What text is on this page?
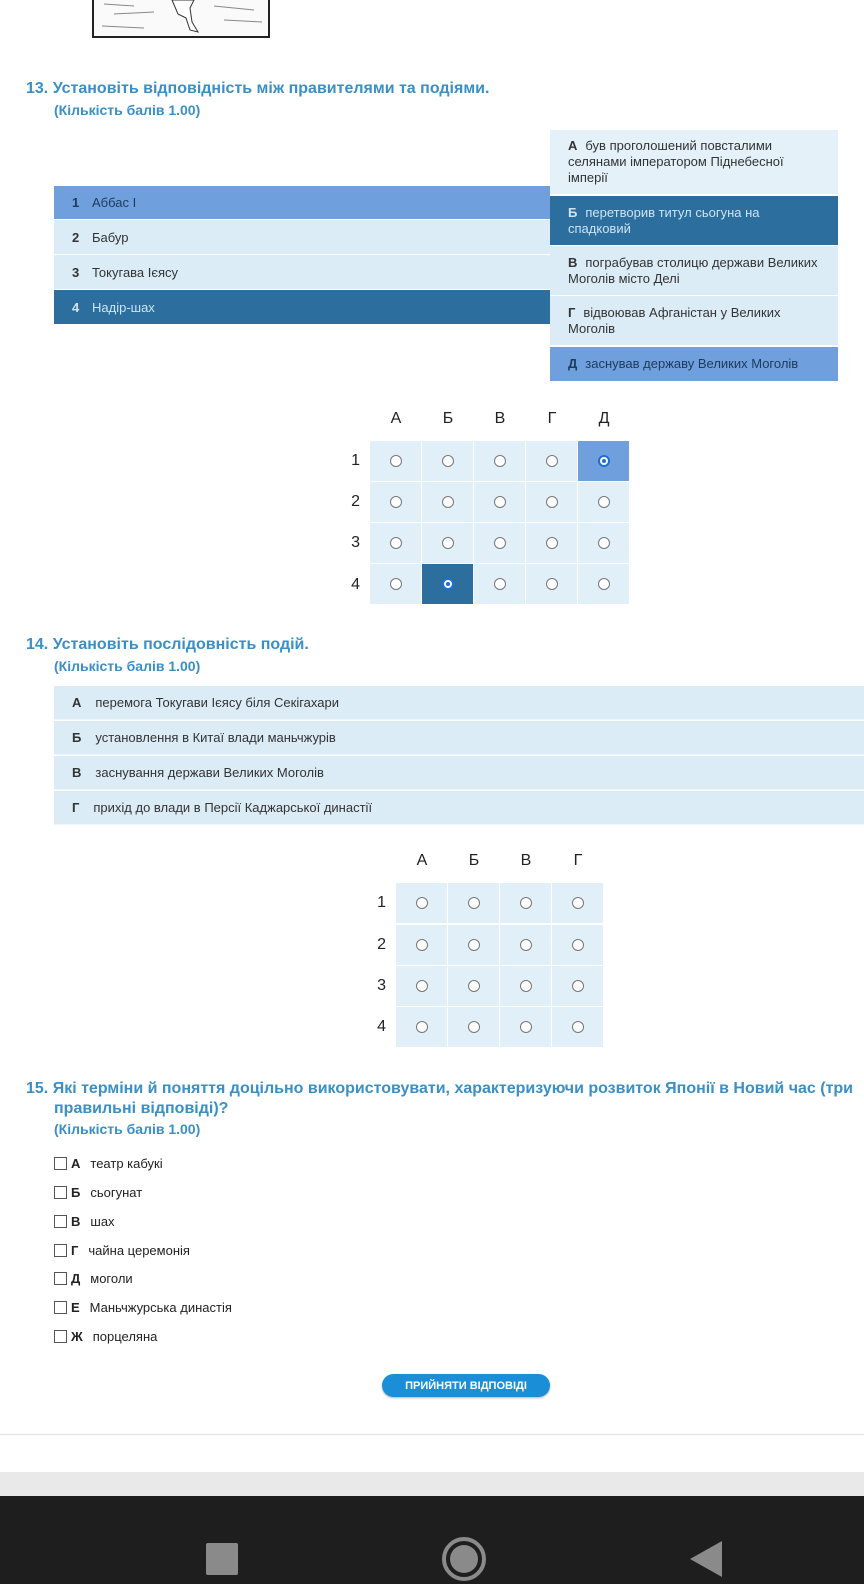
13. Установіть відповідність між правителями та подіями.
(Кількість балів 1.00)
1 Аббас І
2 Бабур
3 Токугава Ієясу
4 Надір-шах
А був проголошений повсталими селянами імператором Піднебесної імперії
Б перетворив титул сьогуна на спадковий
В пограбував столицю держави Великих Моголів місто Делі
Г відвоював Афганістан у Великих Моголів
Д заснував державу Великих Моголів
А	Б	В	Г	Д
1
2
3
4
14. Установіть послідовність подій.
(Кількість балів 1.00)
А перемога Токугави Ієясу біля Секігахари
Б установлення в Китаї влади маньчжурів
В заснування держави Великих Моголів
Г прихід до влади в Персії Каджарської династії
А	Б	В	Г
1
2
3
4
15. Які терміни й поняття доцільно використовувати, характеризуючи розвиток Японії в Новий час (три
правильні відповіді)?
(Кількість балів 1.00)
А театр кабукі
Б сьогунат
В шах
Г чайна церемонія
Д моголи
Е Маньчжурська династія
Ж порцеляна
ПРИЙНЯТИ ВІДПОВІДІ
